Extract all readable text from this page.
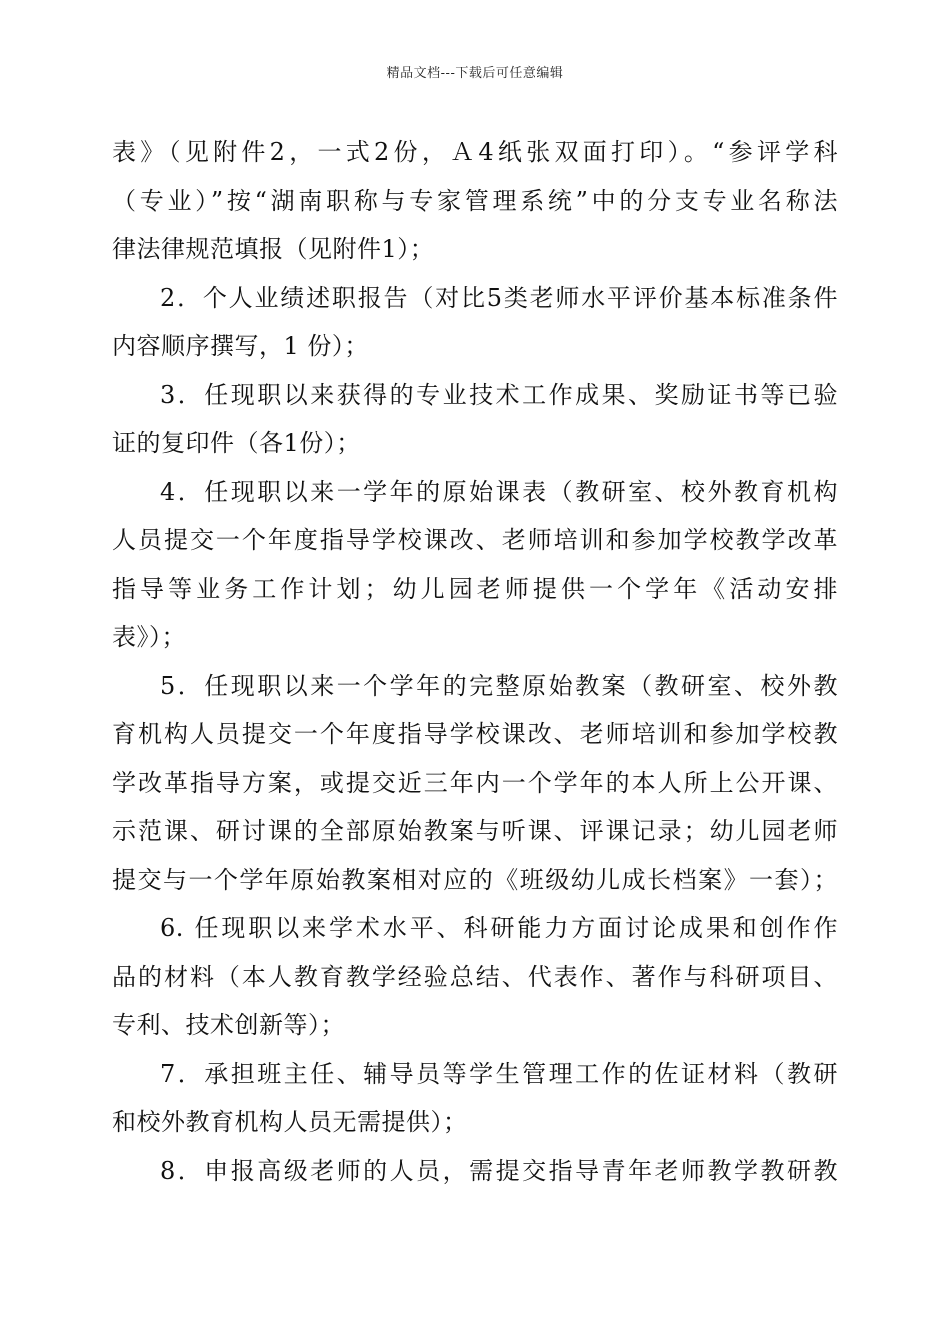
精品文档---下载后可任意编辑
表》（见附件2，一式2份，Ａ4纸张双面打印）。“参评学科
（专业）”按“湖南职称与专家管理系统”中的分支专业名称法
律法律规范填报（见附件1）；
2．个人业绩述职报告（对比5类老师水平评价基本标准条件
内容顺序撰写，1 份）；
3．任现职以来获得的专业技术工作成果、奖励证书等已验
证的复印件（各1份）；
4．任现职以来一学年的原始课表（教研室、校外教育机构
人员提交一个年度指导学校课改、老师培训和参加学校教学改革
指导等业务工作计划；幼儿园老师提供一个学年《活动安排
表》）；
5．任现职以来一个学年的完整原始教案（教研室、校外教
育机构人员提交一个年度指导学校课改、老师培训和参加学校教
学改革指导方案，或提交近三年内一个学年的本人所上公开课、
示范课、研讨课的全部原始教案与听课、评课记录；幼儿园老师
提交与一个学年原始教案相对应的《班级幼儿成长档案》一套）；
6. 任现职以来学术水平、科研能力方面讨论成果和创作作
品的材料（本人教育教学经验总结、代表作、著作与科研项目、
专利、技术创新等）；
7．承担班主任、辅导员等学生管理工作的佐证材料（教研
和校外教育机构人员无需提供）；
8．申报高级老师的人员，需提交指导青年老师教学教研教
